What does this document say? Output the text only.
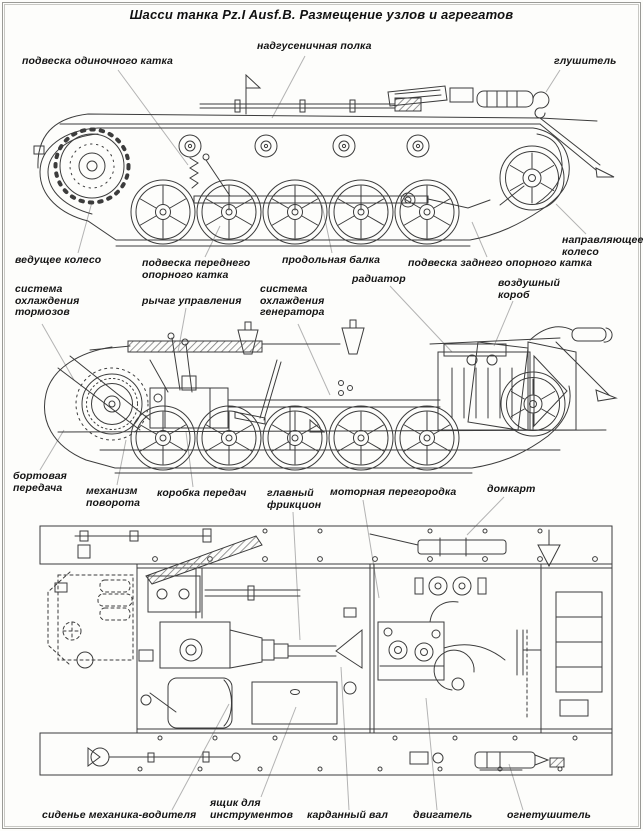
Шасси танка Pz.I Ausf.B. Размещение узлов и агрегатов
подвеска одиночного катка
надгусеничная полка
глушитель
ведущее колесо	подвеска переднего опорного катка
продольная балка	подвеска заднего опорного катка
направляющее колесо
система охлаждения тормозов
рычаг управления
система охлаждения генератора
радиатор	воздушный короб
бортовая передача	механизм поворота
коробка передач главный фрикцион
моторная перегородка	домкарт
сиденье механика-водителя
ящик для инструментов карданный вал двигатель	огнетушитель
